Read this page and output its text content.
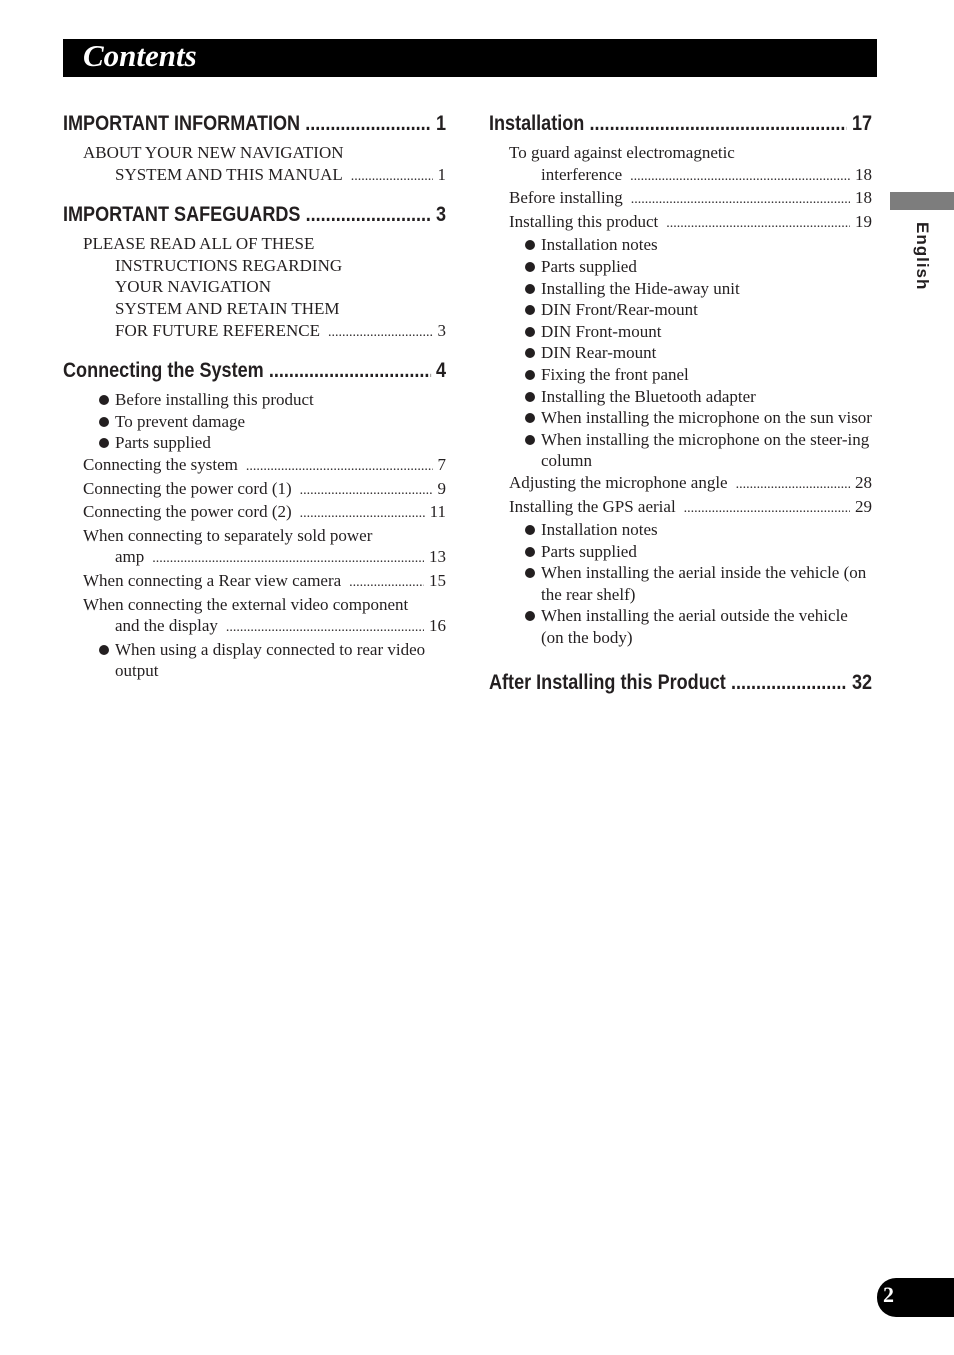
Contents
English
2
IMPORTANT INFORMATION .....	1
ABOUT YOUR NEW NAVIGATION
SYSTEM AND THIS MANUAL .....	1
IMPORTANT SAFEGUARDS .....	3
PLEASE READ ALL OF THESE
INSTRUCTIONS REGARDING
YOUR NAVIGATION
SYSTEM AND RETAIN THEM
FOR FUTURE REFERENCE .....	3
Connecting the System .....	4
Before installing this product
To prevent damage
Parts supplied
Connecting the system .....	7
Connecting the power cord (1) .....	9
Connecting the power cord (2) .....	11
When connecting to separately sold power
amp .....	13
When connecting a Rear view camera .....	15
When connecting the external video component
and the display .....	16
When using a display connected to rear video output
Installation .....	17
To guard against electromagnetic
interference .....	18
Before installing .....	18
Installing this product .....	19
Installation notes
Parts supplied
Installing the Hide-away unit
DIN Front/Rear-mount
DIN Front-mount
DIN Rear-mount
Fixing the front panel
Installing the Bluetooth adapter
When installing the microphone on the sun visor
When installing the microphone on the steer-ing column
Adjusting the microphone angle .....	28
Installing the GPS aerial .....	29
Installation notes
Parts supplied
When installing the aerial inside the vehicle (on the rear shelf)
When installing the aerial outside the vehicle (on the body)
After Installing this Product .....	32
